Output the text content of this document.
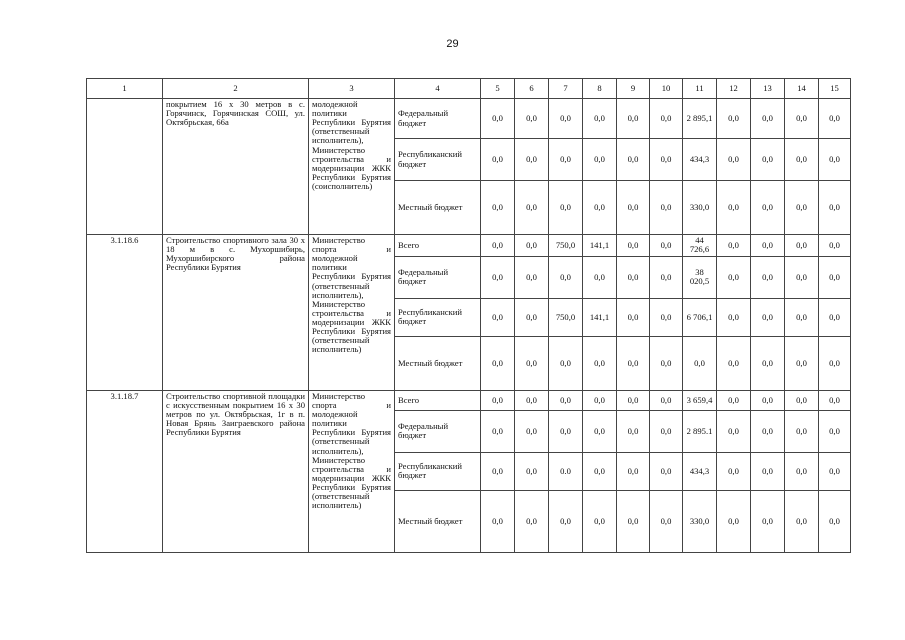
29
1	2	3	4	5	6	7	8	9	10	11	12	13	14	15
	покрытием 16 х 30 метров в с. Горячинск, Горячинская СОШ, ул. Октябрьская, 66а	молодежной политики Республики Бурятия (ответственный исполнитель), Министерство строительства и модернизации ЖКК Республики Бурятия (соисполнитель)	Федеральный бюджет	0,0	0,0	0,0	0,0	0,0	0,0	2 895,1	0,0	0,0	0,0	0,0
			Республиканский бюджет	0,0	0,0	0,0	0,0	0,0	0,0	434,3	0,0	0,0	0,0	0,0
			Местный бюджет	0,0	0,0	0,0	0,0	0,0	0,0	330,0	0,0	0,0	0,0	0,0
3.1.18.6	Строительство спортивного зала 30 х 18 м в с. Мухоршибирь, Мухоршибирского района Республики Бурятия	Министерство спорта и молодежной политики Республики Бурятия (ответственный исполнитель), Министерство строительства и модернизации ЖКК Республики Бурятия (ответственный исполнитель)	Всего	0,0	0,0	750,0	141,1	0,0	0,0	44 726,6	0,0	0,0	0,0	0,0
			Федеральный бюджет	0,0	0,0	0,0	0,0	0,0	0,0	38 020,5	0,0	0,0	0,0	0,0
			Республиканский бюджет	0,0	0,0	750,0	141,1	0,0	0,0	6 706,1	0,0	0,0	0,0	0,0
			Местный бюджет	0,0	0,0	0,0	0,0	0,0	0,0	0,0	0,0	0,0	0,0	0,0
3.1.18.7	Строительство спортивной площадки с искусственным покрытием 16 х 30 метров по ул. Октябрьская, 1г в п. Новая Брянь Заиграевского района Республики Бурятия	Министерство спорта и молодежной политики Республики Бурятия (ответственный исполнитель), Министерство строительства и модернизации ЖКК Республики Бурятия (ответственный исполнитель)	Всего	0,0	0,0	0,0	0,0	0,0	0,0	3 659,4	0,0	0,0	0,0	0,0
			Федеральный бюджет	0,0	0,0	0,0	0,0	0,0	0,0	2 895.1	0,0	0,0	0,0	0,0
			Республиканский бюджет	0,0	0,0	0.0	0,0	0,0	0,0	434,3	0,0	0,0	0,0	0,0
			Местный бюджет	0,0	0,0	0,0	0,0	0,0	0,0	330,0	0,0	0,0	0,0	0,0
